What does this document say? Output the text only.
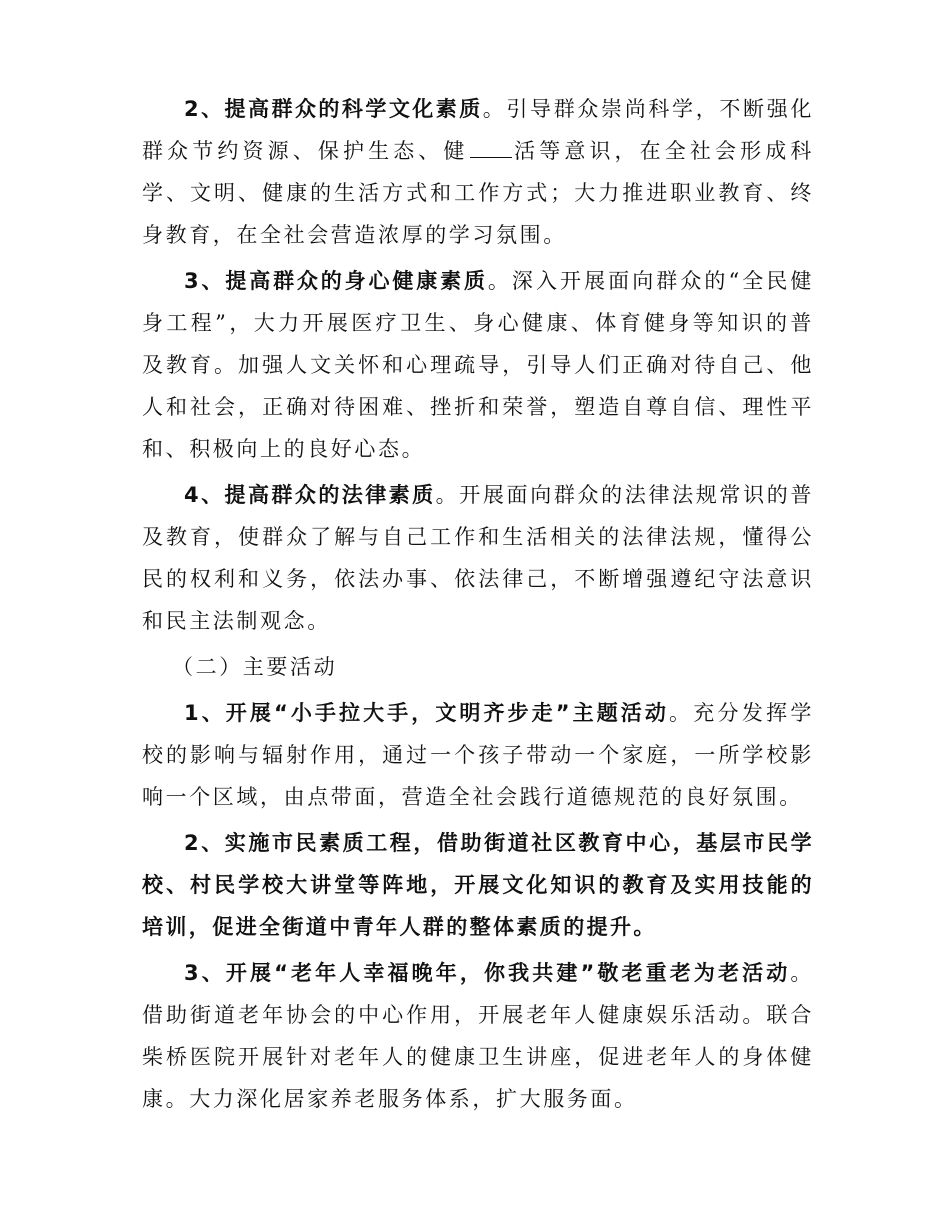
2、提高群众的科学文化素质。引导群众崇尚科学，不断强化群众节约资源、保护生态、健 活等意识，在全社会形成科学、文明、健康的生活方式和工作方式；大力推进职业教育、终身教育，在全社会营造浓厚的学习氛围。

3、提高群众的身心健康素质。深入开展面向群众的“全民健身工程”，大力开展医疗卫生、身心健康、体育健身等知识的普及教育。加强人文关怀和心理疏导，引导人们正确对待自己、他人和社会，正确对待困难、挫折和荣誉，塑造自尊自信、理性平和、积极向上的良好心态。

4、提高群众的法律素质。开展面向群众的法律法规常识的普及教育，使群众了解与自己工作和生活相关的法律法规，懂得公民的权利和义务，依法办事、依法律己，不断增强遵纪守法意识和民主法制观念。

（二）主要活动

1、开展“小手拉大手，文明齐步走”主题活动。充分发挥学校的影响与辐射作用，通过一个孩子带动一个家庭，一所学校影响一个区域，由点带面，营造全社会践行道德规范的良好氛围。

2、实施市民素质工程，借助街道社区教育中心，基层市民学校、村民学校大讲堂等阵地，开展文化知识的教育及实用技能的培训，促进全街道中青年人群的整体素质的提升。

3、开展“老年人幸福晚年，你我共建”敬老重老为老活动。借助街道老年协会的中心作用，开展老年人健康娱乐活动。联合柴桥医院开展针对老年人的健康卫生讲座，促进老年人的身体健康。大力深化居家养老服务体系，扩大服务面。
